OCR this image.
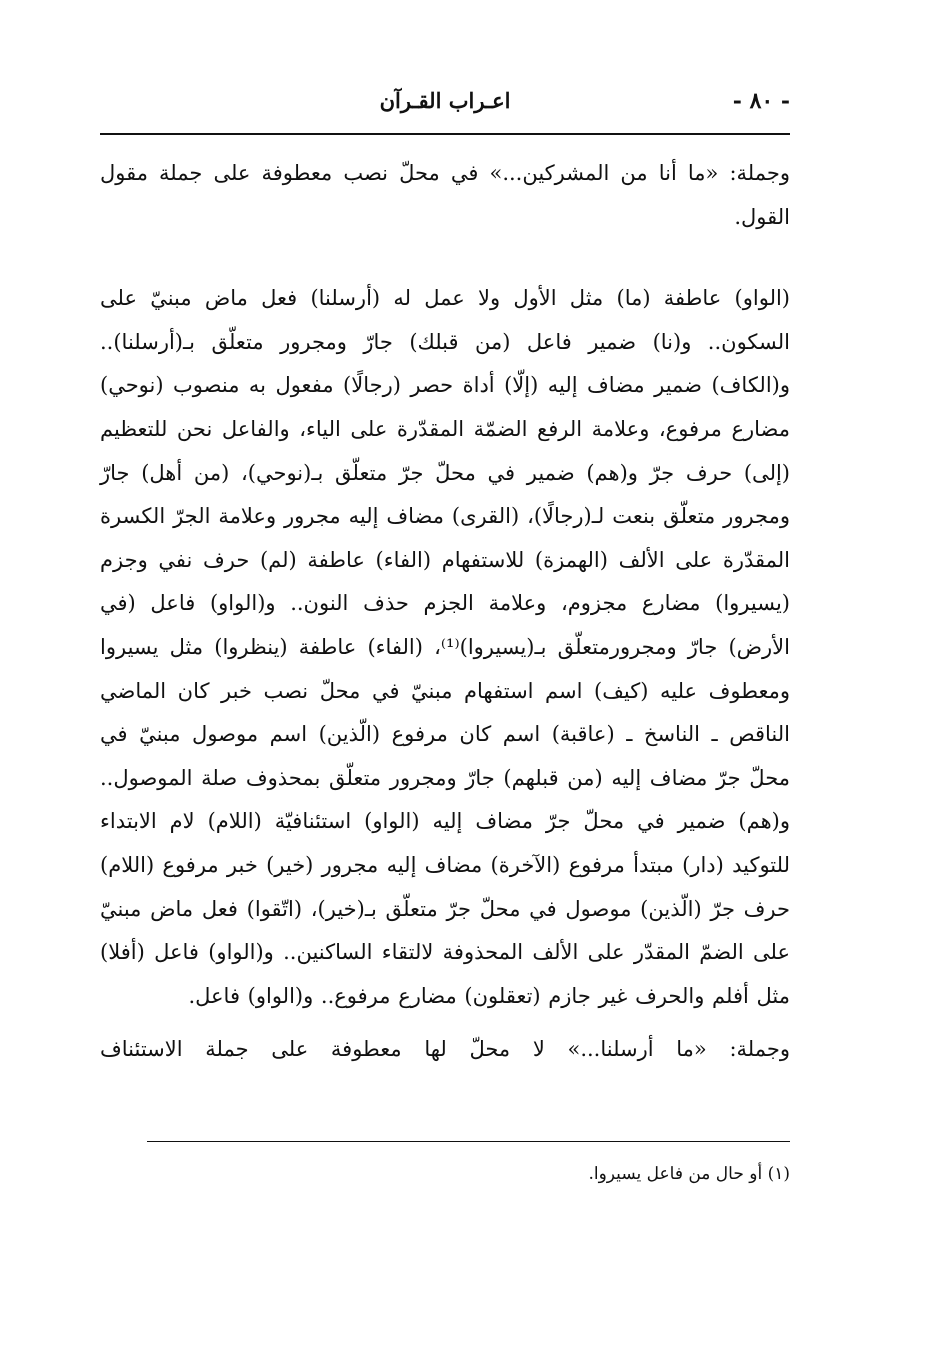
- ٨٠ -
اعـراب القـرآن

وجملة: «ما أنا من المشركين...» في محلّ نصب معطوفة على جملة مقول القول.

(الواو) عاطفة (ما) مثل الأول ولا عمل له (أرسلنا) فعل ماض مبنيّ على السكون.. و(نا) ضمير فاعل (من قبلك) جارّ ومجرور متعلّق بـ(أرسلنا).. و(الكاف) ضمير مضاف إليه (إلّا) أداة حصر (رجالًا) مفعول به منصوب (نوحي) مضارع مرفوع، وعلامة الرفع الضمّة المقدّرة على الياء، والفاعل نحن للتعظيم (إلى) حرف جرّ و(هم) ضمير في محلّ جرّ متعلّق بـ(نوحي)، (من أهل) جارّ ومجرور متعلّق بنعت لـ(رجالًا)، (القرى) مضاف إليه مجرور وعلامة الجرّ الكسرة المقدّرة على الألف (الهمزة) للاستفهام (الفاء) عاطفة (لم) حرف نفي وجزم (يسيروا) مضارع مجزوم، وعلامة الجزم حذف النون.. و(الواو) فاعل (في الأرض) جارّ ومجرورمتعلّق بـ(يسيروا)⁽¹⁾، (الفاء) عاطفة (ينظروا) مثل يسيروا ومعطوف عليه (كيف) اسم استفهام مبنيّ في محلّ نصب خبر كان الماضي الناقص ـ الناسخ ـ (عاقبة) اسم كان مرفوع (الّذين) اسم موصول مبنيّ في محلّ جرّ مضاف إليه (من قبلهم) جارّ ومجرور متعلّق بمحذوف صلة الموصول.. و(هم) ضمير في محلّ جرّ مضاف إليه (الواو) استئنافيّة (اللام) لام الابتداء للتوكيد (دار) مبتدأ مرفوع (الآخرة) مضاف إليه مجرور (خير) خبر مرفوع (اللام) حرف جرّ (الّذين) موصول في محلّ جرّ متعلّق بـ(خير)، (اتّقوا) فعل ماض مبنيّ على الضمّ المقدّر على الألف المحذوفة لالتقاء الساكنين.. و(الواو) فاعل (أفلا) مثل أفلم والحرف غير جازم (تعقلون) مضارع مرفوع.. و(الواو) فاعل.

وجملة: «ما أرسلنا...» لا محلّ لها معطوفة على جملة الاستئناف

(١) أو حال من فاعل يسيروا.
